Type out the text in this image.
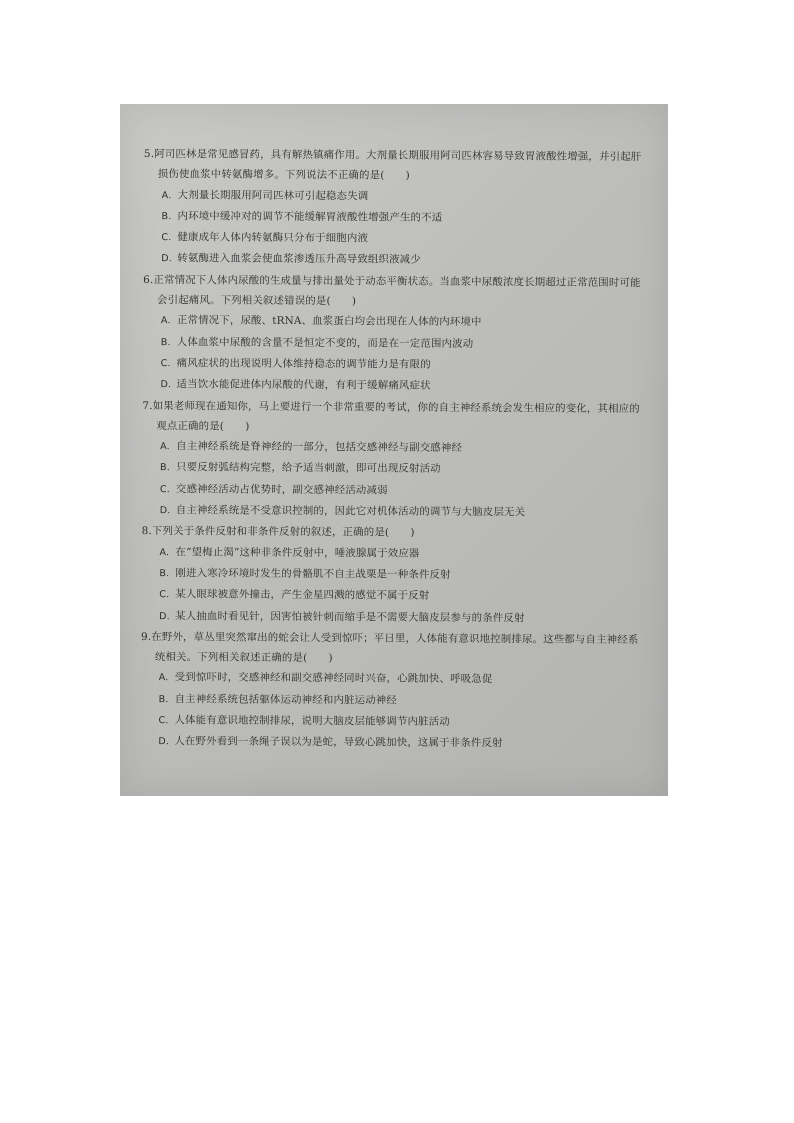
5.阿司匹林是常见感冒药，具有解热镇痛作用。大剂量长期服用阿司匹林容易导致胃液酸性增强，并引起肝损伤使血浆中转氨酶增多。下列说法不正确的是(　　)
A. 大剂量长期服用阿司匹林可引起稳态失调
B. 内环境中缓冲对的调节不能缓解胃液酸性增强产生的不适
C. 健康成年人体内转氨酶只分布于细胞内液
D. 转氨酶进入血浆会使血浆渗透压升高导致组织液减少
6.正常情况下人体内尿酸的生成量与排出量处于动态平衡状态。当血浆中尿酸浓度长期超过正常范围时可能会引起痛风。下列相关叙述错误的是(　　)
A. 正常情况下，尿酸、tRNA、血浆蛋白均会出现在人体的内环境中
B. 人体血浆中尿酸的含量不是恒定不变的，而是在一定范围内波动
C. 痛风症状的出现说明人体维持稳态的调节能力是有限的
D. 适当饮水能促进体内尿酸的代谢，有利于缓解痛风症状
7.如果老师现在通知你，马上要进行一个非常重要的考试，你的自主神经系统会发生相应的变化，其相应的观点正确的是(　　)
A. 自主神经系统是脊神经的一部分，包括交感神经与副交感神经
B. 只要反射弧结构完整，给予适当刺激，即可出现反射活动
C. 交感神经活动占优势时，副交感神经活动减弱
D. 自主神经系统是不受意识控制的，因此它对机体活动的调节与大脑皮层无关
8.下列关于条件反射和非条件反射的叙述，正确的是(　　)
A. 在“望梅止渴”这种非条件反射中，唾液腺属于效应器
B. 刚进入寒冷环境时发生的骨骼肌不自主战栗是一种条件反射
C. 某人眼球被意外撞击，产生金星四溅的感觉不属于反射
D. 某人抽血时看见针，因害怕被针刺而缩手是不需要大脑皮层参与的条件反射
9.在野外，草丛里突然窜出的蛇会让人受到惊吓；平日里，人体能有意识地控制排尿。这些都与自主神经系统相关。下列相关叙述正确的是(　　)
A. 受到惊吓时，交感神经和副交感神经同时兴奋，心跳加快、呼吸急促
B. 自主神经系统包括躯体运动神经和内脏运动神经
C. 人体能有意识地控制排尿，说明大脑皮层能够调节内脏活动
D. 人在野外看到一条绳子误以为是蛇，导致心跳加快，这属于非条件反射
